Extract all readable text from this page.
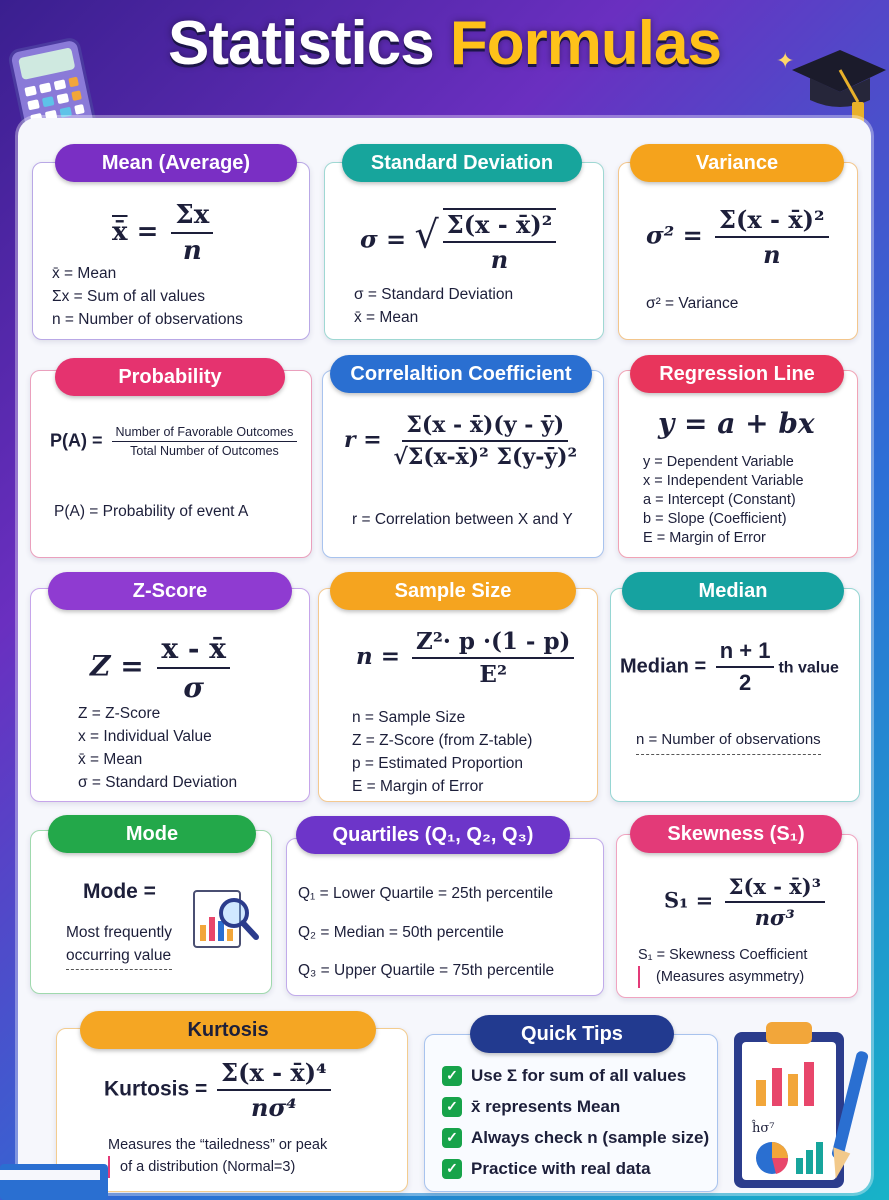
Statistics Formulas	✦
Mean (Average)
x̄ = $\frac{\Sigma x}{n}$
x̄ = Mean
Σx = Sum of all values
n = Number of observations
Standard Deviation
σ = √ $\frac{\text{Σ(x - x̄)²}}{n}$
σ = Standard Deviation
x̄ = Mean
Variance
$\sigma^2 = \frac{\text{Σ(x - x̄)²}}{n}$
σ² = Variance
Probability
$P(A) = \frac{\text{Number of Favorable Outcomes}}{\text{Total Number of Outcomes}}$
P(A) = Probability of event A
Correlaltion Coefficient
$r = \frac{\Sigma(x - x̄)(y - ȳ)}{\text{√Σ(x-x̄)² Σ(y-ȳ)²}}$
r = Correlation between X and Y
Regression Line
y = a + bx
y = Dependent Variable
x = Independent Variable
a = Intercept (Constant)
b = Slope (Coefficient)
E = Margin of Error
Z-Score
$Z = \frac{x - x̄}{\sigma}$
Z = Z-Score
x = Individual Value
x̄ = Mean
σ = Standard Deviation
Sample Size
$n = \frac{\text{Z²· p ·(1 - p)}}{\text{E²}}$
n = Sample Size
Z = Z-Score (from Z-table)
p = Estimated Proportion
E = Margin of Error
Median
Median = $\frac{n + 1}{2}$ th value
n = Number of observations
Mode
Mode =
Most frequently
occurring value
Quartiles (Q₁, Q₂, Q₃)
Q₁ = Lower Quartile = 25th percentile
Q₂ = Median = 50th percentile
Q₃ = Upper Quartile = 75th percentile
Skewness (S₁)
$S_1 = \frac{\text{Σ(x - x̄)³}}{\text{nσ³}}$
S₁ = Skewness Coefficient
(Measures asymmetry)
Kurtosis
Kurtosis = $\frac{\text{Σ(x - x̄)⁴}}{\text{nσ⁴}}$
Measures the “tailedness” or peak
of a distribution (Normal=3)
Quick Tips
✓ Use Σ for sum of all values
✓ x̄ represents Mean
✓ Always check n (sample size)
✓ Practice with real data
ĥσ⁷
